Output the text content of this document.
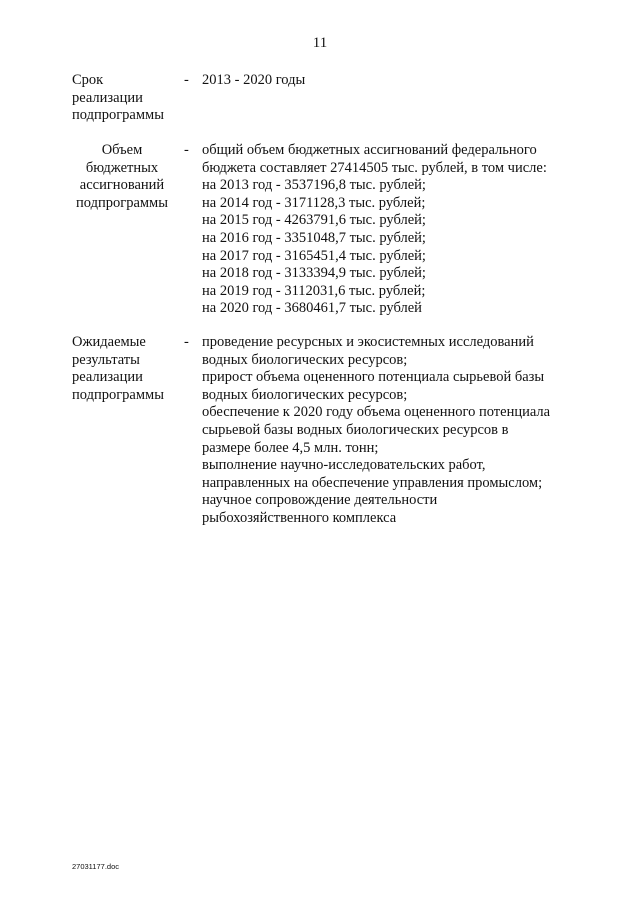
11
Срок
реализации
подпрограммы
- 2013 - 2020 годы
Объем
бюджетных
ассигнований
подпрограммы
- общий объем бюджетных ассигнований федерального
бюджета составляет 27414505 тыс. рублей, в том числе:
на 2013 год - 3537196,8 тыс. рублей;
на 2014 год - 3171128,3 тыс. рублей;
на 2015 год - 4263791,6 тыс. рублей;
на 2016 год - 3351048,7 тыс. рублей;
на 2017 год - 3165451,4 тыс. рублей;
на 2018 год - 3133394,9 тыс. рублей;
на 2019 год - 3112031,6 тыс. рублей;
на 2020 год - 3680461,7 тыс. рублей
Ожидаемые
результаты
реализации
подпрограммы
- проведение ресурсных и экосистемных исследований
водных биологических ресурсов;
прирост объема оцененного потенциала сырьевой базы
водных биологических ресурсов;
обеспечение к 2020 году объема оцененного потенциала
сырьевой базы водных биологических ресурсов в
размере более 4,5 млн. тонн;
выполнение научно-исследовательских работ,
направленных на обеспечение управления промыслом;
научное сопровождение деятельности
рыбохозяйственного комплекса
27031177.doc
